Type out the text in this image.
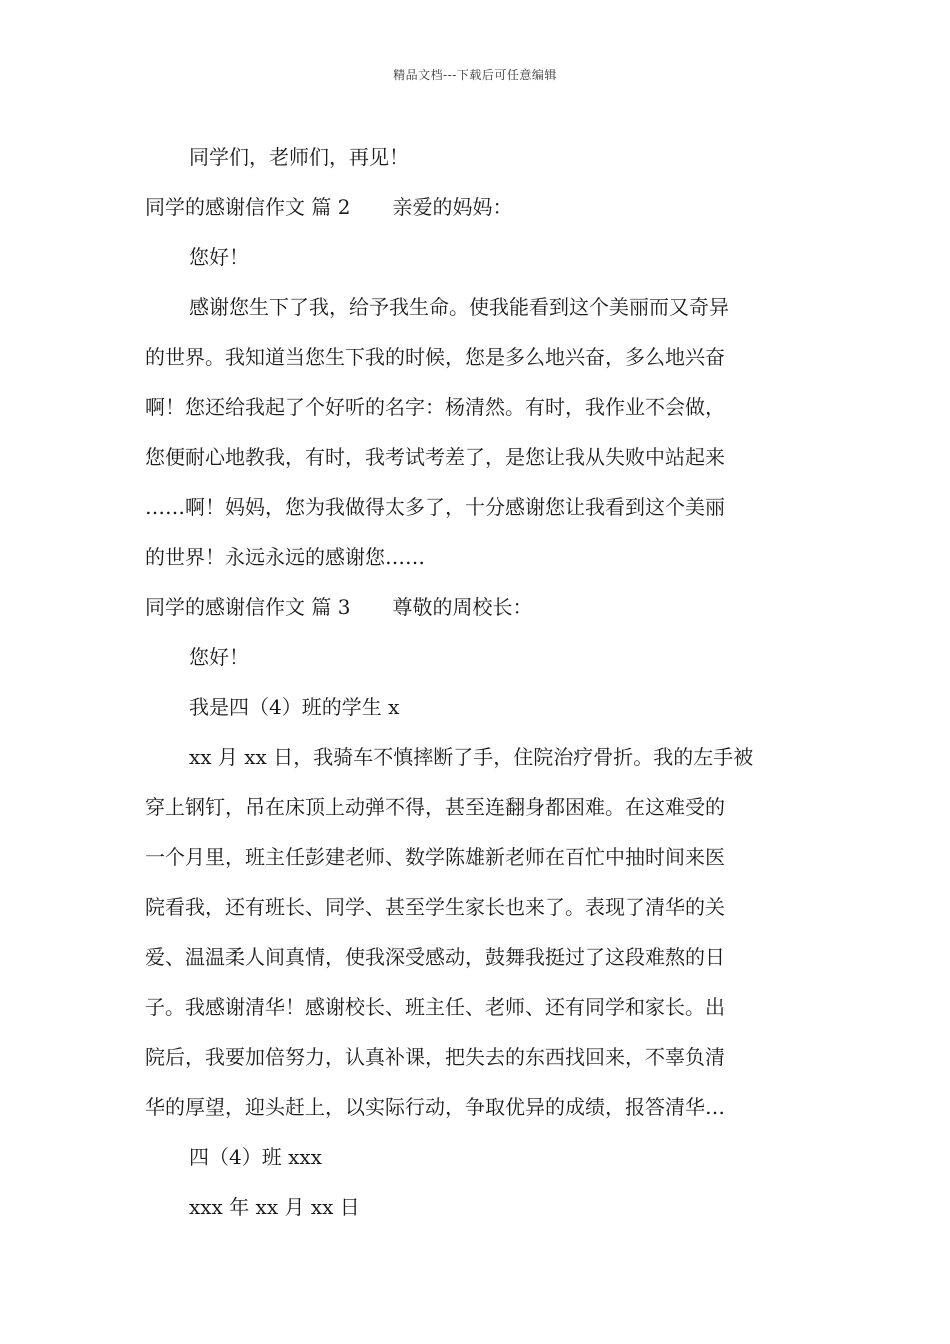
精品文档---下载后可任意编辑
同学们，老师们，再见！
同学的感谢信作文 篇 2 亲爱的妈妈：
您好！
感谢您生下了我，给予我生命。使我能看到这个美丽而又奇异
的世界。我知道当您生下我的时候，您是多么地兴奋，多么地兴奋
啊！您还给我起了个好听的名字：杨清然。有时，我作业不会做，
您便耐心地教我，有时，我考试考差了，是您让我从失败中站起来
……啊！妈妈，您为我做得太多了，十分感谢您让我看到这个美丽
的世界！永远永远的感谢您……
同学的感谢信作文 篇 3 尊敬的周校长：
您好！
我是四（4）班的学生 x
xx 月 xx 日，我骑车不慎摔断了手，住院治疗骨折。我的左手被
穿上钢钉，吊在床顶上动弹不得，甚至连翻身都困难。在这难受的
一个月里，班主任彭建老师、数学陈雄新老师在百忙中抽时间来医
院看我，还有班长、同学、甚至学生家长也来了。表现了清华的关
爱、温温柔人间真情，使我深受感动，鼓舞我挺过了这段难熬的日
子。我感谢清华！感谢校长、班主任、老师、还有同学和家长。出
院后，我要加倍努力，认真补课，把失去的东西找回来，不辜负清
华的厚望，迎头赶上，以实际行动，争取优异的成绩，报答清华…
四（4）班 xxx
xxx 年 xx 月 xx 日
